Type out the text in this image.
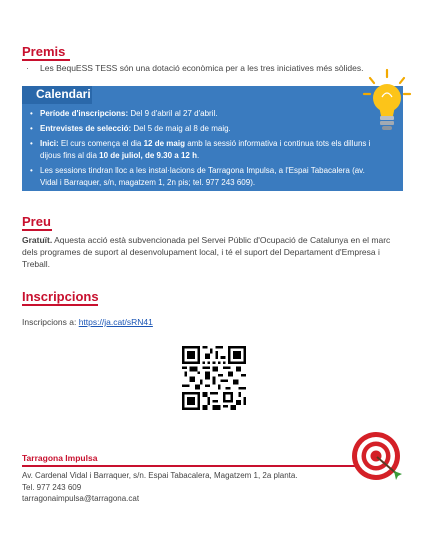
Premis
· Les BequESS TESS són una dotació econòmica per a les tres iniciatives més sòlides.
Calendari
• Període d'inscripcions: Del 9 d'abril al 27 d'abril.
• Entrevistes de selecció: Del 5 de maig al 8 de maig.
• Inici: El curs comença el dia 12 de maig amb la sessió informativa i continua tots els dilluns i dijous fins al dia 10 de juliol, de 9.30 a 12 h.
• Les sessions tindran lloc a les instal·lacions de Tarragona Impulsa, a l'Espai Tabacalera (av. Vidal i Barraquer, s/n, magatzem 1, 2n pis; tel. 977 243 609).
Preu
Gratuït. Aquesta acció està subvencionada pel Servei Públic d'Ocupació de Catalunya en el marc dels programes de suport al desenvolupament local, i té el suport del Departament d'Empresa i Treball.
Inscripcions
Inscripcions a: https://ja.cat/sRN41
Tarragona Impulsa
Av. Cardenal Vidal i Barraquer, s/n. Espai Tabacalera, Magatzem 1, 2a planta.
Tel. 977 243 609
tarragonaimpulsa@tarragona.cat
